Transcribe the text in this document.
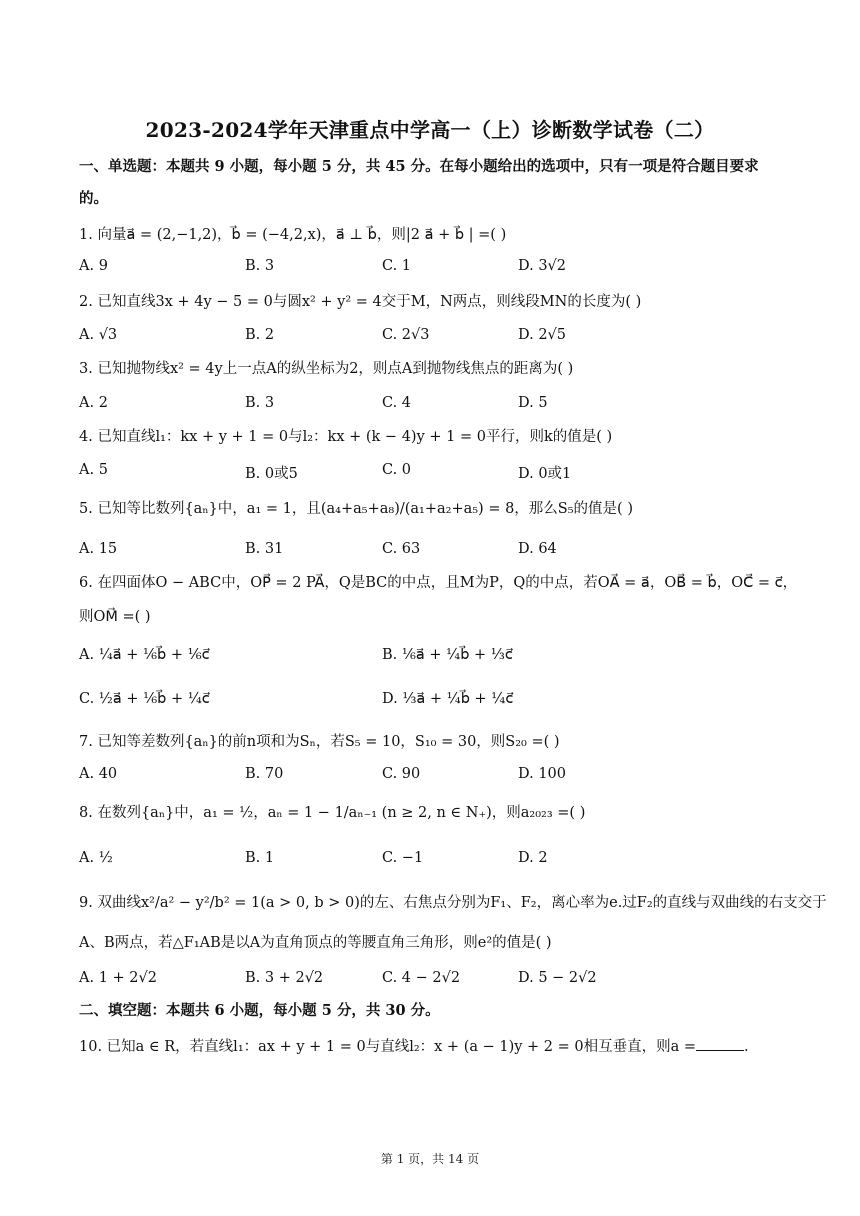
2023-2024学年天津重点中学高一（上）诊断数学试卷（二）
一、单选题：本题共 9 小题，每小题 5 分，共 45 分。在每小题给出的选项中，只有一项是符合题目要求
的。
1. 向量a⃗ = (2,−1,2)，b⃗ = (−4,2,x)，a⃗ ⊥ b⃗，则|2 a⃗ + b⃗ | =( )
A. 9	B. 3	C. 1	D. 3√2
2. 已知直线3x + 4y − 5 = 0与圆x² + y² = 4交于M，N两点，则线段MN的长度为( )
A. √3	B. 2	C. 2√3	D. 2√5
3. 已知抛物线x² = 4y上一点A的纵坐标为2，则点A到抛物线焦点的距离为( )
A. 2	B. 3	C. 4	D. 5
4. 已知直线l₁：kx + y + 1 = 0与l₂：kx + (k − 4)y + 1 = 0平行，则k的值是( )
A. 5	B. 0或5	C. 0	D. 0或1
5. 已知等比数列{aₙ}中，a₁ = 1，且(a₄+a₅+a₈)/(a₁+a₂+a₅) = 8，那么S₅的值是( )
A. 15	B. 31	C. 63	D. 64
6. 在四面体O − ABC中，OP⃗ = 2 PA⃗，Q是BC的中点，且M为P，Q的中点，若OA⃗ = a⃗，OB⃗ = b⃗，OC⃗ = c⃗，
则OM⃗ =( )
A. ¼a⃗ + ⅙b⃗ + ⅙c⃗	B. ⅙a⃗ + ¼b⃗ + ⅓c⃗
C. ½a⃗ + ⅙b⃗ + ¼c⃗	D. ⅓a⃗ + ¼b⃗ + ¼c⃗
7. 已知等差数列{aₙ}的前n项和为Sₙ，若S₅ = 10，S₁₀ = 30，则S₂₀ =( )
A. 40	B. 70	C. 90	D. 100
8. 在数列{aₙ}中，a₁ = ½，aₙ = 1 − 1/aₙ₋₁ (n ≥ 2, n ∈ N₊)，则a₂₀₂₃ =( )
A. ½	B. 1	C. −1	D. 2
9. 双曲线x²/a² − y²/b² = 1(a > 0, b > 0)的左、右焦点分别为F₁、F₂，离心率为e.过F₂的直线与双曲线的右支交于
A、B两点，若△F₁AB是以A为直角顶点的等腰直角三角形，则e²的值是( )
A. 1 + 2√2	B. 3 + 2√2	C. 4 − 2√2	D. 5 − 2√2
二、填空题：本题共 6 小题，每小题 5 分，共 30 分。
10. 已知a ∈ R，若直线l₁：ax + y + 1 = 0与直线l₂：x + (a − 1)y + 2 = 0相互垂直，则a =	.
第 1 页，共 14 页
